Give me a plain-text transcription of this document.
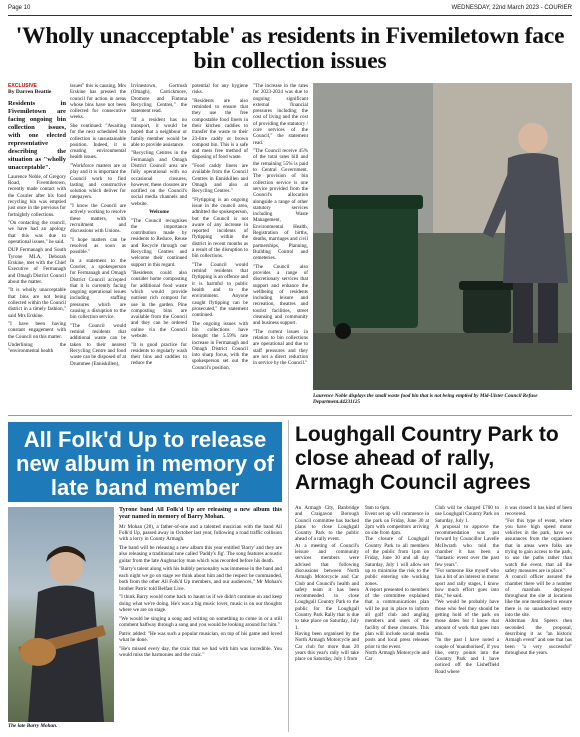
Page 10	WEDNESDAY, 22nd March 2023 - COURIER
'Wholly unacceptable' as residents in Fivemiletown face bin collection issues

EXCLUSIVE

By Darren Beattie

Residents in Fivemiletown are facing ongoing bin collection issues, with one elected representative describing the situation as "wholly unacceptable".

Laurence Noble, of Gregory Road, Fivemiletown, recently made contact with the Courier after his food recycling bin was emptied just once in the previous for fortnightly collections.

"On contacting the council, we have had an apology that this was due to operational issues," he said.

DUP Fermanagh and South Tyrone MLA, Deborah Erskine, met with the Chief Executive of Fermanagh and Omagh District Council about the matter.

"It is wholly unacceptable that bins are not being collected within the Council district in a timely fashion," said Mrs Erskine.

"I have been having constant engagement with the Council on this matter.

Underlining the "environmental health

issues" this is causing, Mrs Erskine has pressed the council for action in areas whose bins have not been collected for consecutive weeks.

She continued: "Awaiting for the next scheduled bin collection is unsustainable position. Indeed, it is creating environmental health issues.

"Workforce matters are at play and it is important the Council work to find lasting and constructive solution which deliver for ratepayers.

"I know the Council are actively working to resolve these matters, with recruitment and discussions with Unions.

"I hope matters can be resolved as soon as possible."

In a statement to the Courier, a spokesperson for Fermanagh and Omagh District Council accepted that it is currently facing ongoing operational issues including staffing pressures which are causing a disruption to the bin collection service.

"The Council would remind residents that additional waste can be taken to their nearest Recycling Centre and food waste can be disposed of at Drummee (Enniskillen),

Irvinestown, Gortrush (Omagh), Carrickmore, Dromore and Fintona Recycling Centres," the statement read.

"If a resident has no transport, it would be hoped that a neighbour or family member would be able to provide assistance.

"Recycling Centres in the Fermanagh and Omagh District Council area are fully operational with no occasional closures, however, these closures are notified on the Council's social media channels and website.

Welcome

"The Council recognises the importance contribution made by residents to Reduce, Reuse and Recycle through our Recycling Centres and welcome their continued support in this regard.

"Residents could also consider home composting for additional food waste which would provide nutrient rich compost for use in the garden. Pine composting bins are available from the Council and they can be ordered online via the Council website.

"It is good practice for residents to regularly wash their bins and caddies to reduce the

potential for any hygiene risks.

"Residents are also reminded to ensure that they use the free compostable food liners in their kitchen caddies to transfer the waste to their 23-litre caddy or brown compost bin. This is a safe and mess free method of disposing of food waste.

"Food caddy liners are available from the Council Centres in Enniskillen and Omagh and also at Recycling Centres."

"Flytipping is an ongoing issue in the council area, admitted the spokesperson, but the Council is not aware of any increase in reported incidents of flytipping within the district in recent months as a result of the disruption to bin collections.

"The Council would remind residents that flytipping is an offence and it is harmful to public health and to the environment. Anyone caught flytipping can be prosecuted," the statement continued.

The ongoing issues with bin collections have brought the 5.59% rate increase in Fermanagh and Omagh District Council into sharp focus, with the spokesperson set out the Council's position.

"The increase in the rates for 2023-2024 was due to ongoing significant external financial pressures including the cost of living and the cost of providing the statutory / core services of the Council," the statement read.

"The Council receive 45% of the total rates bill and the remaining 55% is paid to Central Government. The provision of bin collection service is one service provided from the Council's allocation alongside a range of other statutory services including Waste Management, Environmental Health, Registration of births, deaths, marriages and civil partnerships, Planning, Building Control and cemeteries.

"The Council also provides a range of discretionary services that support and enhance the wellbeing of residents including leisure and recreation, theatres and tourist facilities, street cleansing and community and business support.

"The current issues in relation to bin collections are operational and due to staff pressures and they are not a direct reduction in service by the Council."

Laurence Noble displays the small waste food bin that is not being emptied by Mid-Ulster Council Refuse Department.d4231125
All Folk'd Up to release new album in memory of late band member
The late Barry Mohan.

Tyrone band All Folk'd Up are releasing a new album this year named in memory of Barry Mohan.

Mr Mohan (28), a father-of-one and a talented musician with the band All Folk'd Up, passed away in October last year, following a road traffic collision with a lorry in County Armagh.

The band will be releasing a new album this year entitled 'Barry' and they are also releasing a traditional tune called 'Paddy's Jig'. The song features acoustic guitar from the late Aughnacloy man which was recorded before his death.

"Barry's talent along with his bubbly personality was immense in the band and each night we go on stage we think about him and the respect he commanded, both from the other All Folk'd Up members, and our audiences," Mr Mohan's brother Patric told Belfast Live.

"I think Barry would come back to haunt us if we didn't continue on and keep doing what we're doing. He's was a big music lover, music is on our thoughts where we are on stage.

"We would be singing a song and writing on something to come in or a still comment halfway through a song and you would be looking around for him."

Patric added: "He was such a popular musician, on top of his game and loved what he done.

"He's missed every day, the craic that we had with him was incredible. You would miss the harmonies and the craic."

Loughgall Country Park to close ahead of rally, Armagh Council agrees
An Armagh City, Banbridge and Craigavon Borough Council committee has backed plans to close Loughgall Country Park to the public ahead of a rally event.
At a meeting of Council's leisure and community services members were advised that following discussions between North Armagh Motorcycle and Car Club and Council's health and safety team it has been recommended to close Loughgall Country Park to the public for the Loughgall Country Park Rally that is due to take place on Saturday, July 1.
Having been organised by the North Armagh Motorcycle and Car club for more than 20 years this year's rally will take place on Saturday, July 1 from
9am to 6pm.
Event set up will commence in the park on Friday, June 30 at 2pm with competitors arriving on site from 4pm.
The closure of Loughgall Country Park to all members of the public from 1pm on Friday, June 30 and all day Saturday, July 1 will allow set up to minimise the risk to the public entering site working zones.
A report presented to members of the committee explained that a communications plan will be put in place to inform all golf club and angling members and users of the facility of these closures. This plan will include social media posts and local press releases prior to the event.
North Armagh Motorcycle and Car
Club will be charged £700 to use Loughgall Country Park on Saturday, July 1.
A proposal to approve the recommendation was put forward by Councillor Lavelle McIlwrath who told the chamber it has been a "fantastic event over the past few years".
"For someone like myself who has a bit of an interest in motor sport and rally stages, I know how much effort goes into this," he said.
"We would be probably have those who feel they should be getting hold of the park on those dates but I know that amount of work that goes into this.
"In the past I have noted a couple of 'unauthorised', if you like, entry points into the Country Park and I have noticed off the Lisheffield Road where
it was closed it has kind of been recovered.
"For this type of event, where you have high speed motor vehicles in the park, have we assurances from the organisers that in areas were folks are trying to gain access to the park, to use the paths rather than watch the event, that all the safety measures are in place."
A council officer assured the chamber there will be a number of marshals deployed throughout the site at locations like the one mentioned to ensure there is no unauthorised entry into the site.
Alderman Jim Speers then seconded the proposal, describing it as "an historic Armagh event" and one that has been "a very successful" throughout the years.
